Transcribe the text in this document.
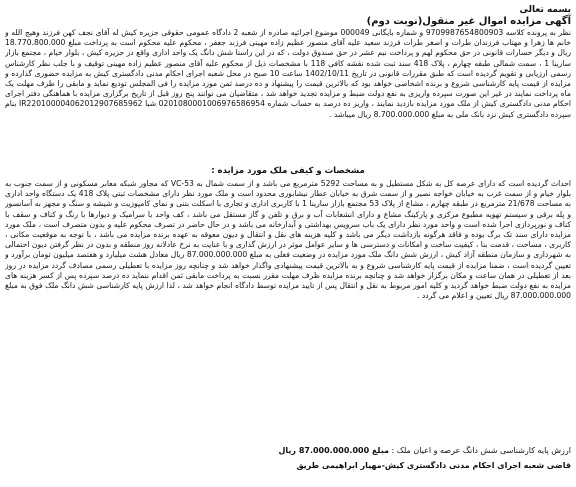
بسمه تعالی
آگهی مزایده اموال غیر منقول(نوبت دوم)

نظر به پرونده کلاسه 9709987654800903 و شماره بایگانی 000049 موضوع اجرائیه صادره از شعبه 2 دادگاه عمومی حقوقی جزیره کیش له آقای نجف کهن فرزند وهیج الله و خانم ها زهرا و مهتاب فرزندان طرات و اصغر طرات فرزند سعید علیه آقای منصور عظیم زاده مهینی فرزند جعفر ، محکوم علیه محکوم است به پرداخت مبلغ 18.770.800.000 ریال و دیگر خسارات قانونی در حق محکوم لهم و پرداخت نیم عشر در حق صندوق دولت ، که در این راستا شش دانگ یک واحد اداری واقع در جزیره کیش ، بلوار خیام ، مجتمع بازار سارینا 1 ، سمت شمالی طبقه چهارم ، پلاک 418 سند ثبت شده نقشه کافی 118 با مشخصات ذیل از محکوم علیه آقای منصور عظیم زاده مهینی توقیف و با جلب نظر کارشناس رسمی ارزیابی و تقویم گردیده است که طبق مقررات قانونی در تاریخ 1402/10/11 ساعت 10 صبح در محل شعبه اجرای احکام مدنی دادگستری کیش به مزایده حضوری گذارده و مزایده از قیمت پایه کارشناسی شروع و برنده اشخاصی خواهد بود که بالاترین قیمت را پیشنهاد و ده درصد ثمن مورد مزایده را فی المجلس تودیع نماید و مابقی را ظرف مهلت یک ماه پرداخت نمایند در غیر این صورت سپرده واریزی به نفع دولت ضبط و مزایده تجدید خواهد شد ، متقاضیان می توانند پنج روز قبل از تاریخ برگزاری مزایده با هماهنگی دفتر اجرای احکام مدنی دادگستری کیش از ملک مورد مزایده بازدید نمایند ، واریز ده درصد به حساب شماره 0201080001006976586954 شبا IR220100004062012907685962 بنام سپرده دادگستری کیش نزد بانک ملی به مبلغ 8.700.000.000 ریال میباشد .

مشخصات و کیفی ملک مورد مزایده :

احداث گردیده است که دارای عرصه کل به شکل مستطیل و به مساحت 5292 مترمربع می باشد و از سمت شمال به VC-53 که مجاور شبکه معابر مسکونی و از سمت جنوب به بلوار خیام و از سمت غرب به خیابان خواجه نصیر و از سمت شرق به خیابان عطار نیشابوری محدود است و ملک مورد نظر دارای مشخصات ثبتی پلاک 418 یک دستگاه واحد اداری به مساحت 21/678 مترمربع در طبقه چهارم ، مشاع از پلاک 53 مجتمع بازار سارینا 1 با کاربری اداری و تجاری با اسکلت بتنی و نمای کامپوزیت و شیشه و سنگ و مجهز به آسانسور و پله برقی و سیستم تهویه مطبوع مرکزی و پارکینگ مشاع و دارای انشعابات آب و برق و تلفن و گاز مستقل می باشد ، کف واحد با سرامیک و دیوارها با رنگ و کناف و سقف با کناف و نورپردازی اجرا شده است و واحد مورد نظر دارای یک باب سرویس بهداشتی و آبدارخانه می باشد و در حال حاضر در تصرف محکوم علیه و بدون متصرف است ، ملک مورد مزایده دارای سند تک برگ بوده و فاقد هرگونه بازداشت دیگر می باشد و کلیه هزینه های نقل و انتقال و دیون معوقه به عهده برنده مزایده می باشد ، با توجه به موقعیت مکانی ، کاربری ، مساحت ، قدمت بنا ، کیفیت ساخت و امکانات و دسترسی ها و سایر عوامل موثر در ارزش گذاری و با عنایت به نرخ عادلانه روز منطقه و بدون در نظر گرفتن دیون احتمالی به شهرداری و سازمان منطقه آزاد کیش ، ارزش شش دانگ ملک مورد مزایده در وضعیت فعلی به مبلغ 87.000.000.000 ریال معادل هشت میلیارد و هفتصد میلیون تومان برآورد و تعیین گردیده است ، ضمنا مزایده از قیمت پایه کارشناسی شروع و به بالاترین قیمت پیشنهادی واگذار خواهد شد و چنانچه روز مزایده با تعطیلی رسمی مصادف گردد مزایده در روز بعد از تعطیلی در همان ساعت و مکان برگزار خواهد شد و چنانچه برنده مزایده ظرف مهلت مقرر نسبت به پرداخت مابقی ثمن اقدام ننماید ده درصد سپرده پس از کسر هزینه های مزایده به نفع دولت ضبط خواهد گردید و کلیه امور مربوط به نقل و انتقال پس از تایید مزایده توسط دادگاه انجام خواهد شد ، لذا ارزش پایه کارشناسی شش دانگ ملک فوق به مبلغ 87.000.000.000 ریال تعیین و اعلام می گردد .

ارزش پایه کارشناسی شش دانگ عرصه و اعیان ملک : مبلغ 87.000.000.000 ریال
قاضی شعبه اجرای احکام مدنی دادگستری کیش-مهیار ابراهیمی طریق
